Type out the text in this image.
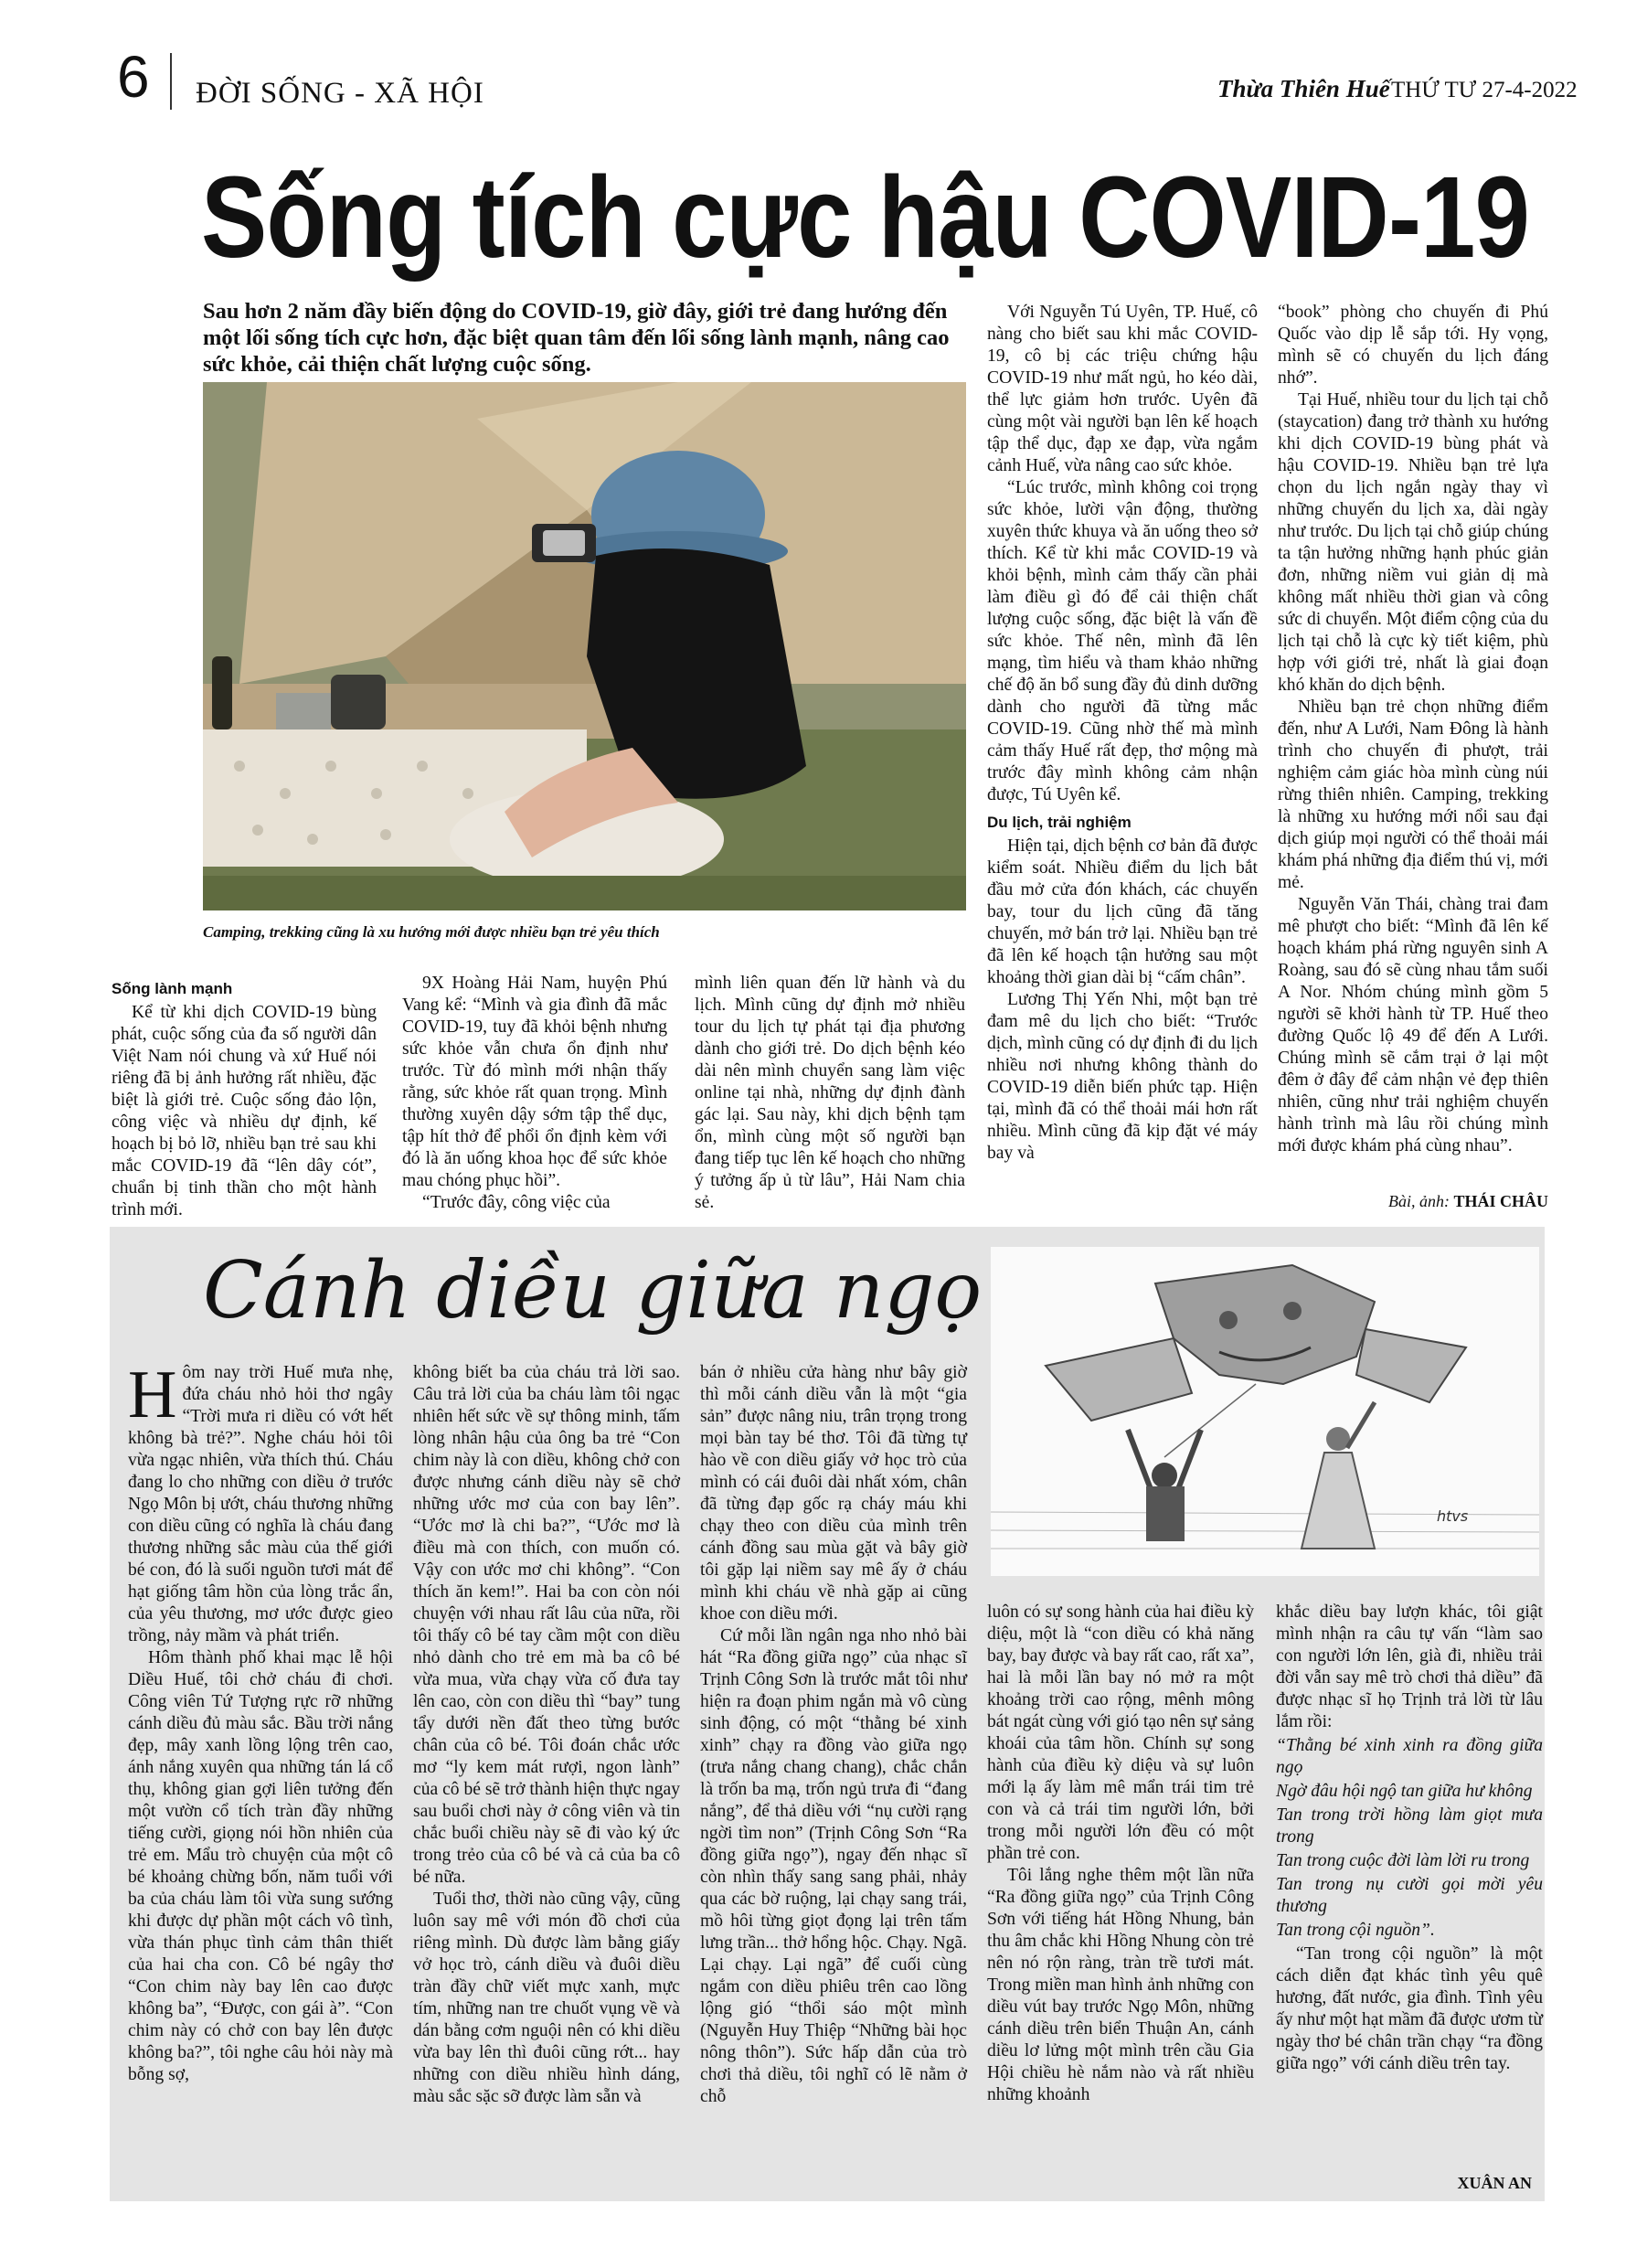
6 ĐỜI SỐNG - XÃ HỘI	Thừa Thiên Huế THỨ TƯ 27-4-2022
Sống tích cực hậu COVID-19
Sau hơn 2 năm đầy biến động do COVID-19, giờ đây, giới trẻ đang hướng đến một lối sống tích cực hơn, đặc biệt quan tâm đến lối sống lành mạnh, nâng cao sức khỏe, cải thiện chất lượng cuộc sống.
Camping, trekking cũng là xu hướng mới được nhiều bạn trẻ yêu thích

Sống lành mạnh

Kể từ khi dịch COVID-19 bùng phát, cuộc sống của đa số người dân Việt Nam nói chung và xứ Huế nói riêng đã bị ảnh hưởng rất nhiều, đặc biệt là giới trẻ. Cuộc sống đảo lộn, công việc và nhiều dự định, kế hoạch bị bỏ lỡ, nhiều bạn trẻ sau khi mắc COVID-19 đã “lên dây cót”, chuẩn bị tinh thần cho một hành trình mới.

9X Hoàng Hải Nam, huyện Phú Vang kể: “Mình và gia đình đã mắc COVID-19, tuy đã khỏi bệnh nhưng sức khỏe vẫn chưa ổn định như trước. Từ đó mình mới nhận thấy rằng, sức khỏe rất quan trọng. Mình thường xuyên dậy sớm tập thể dục, tập hít thở để phổi ổn định kèm với đó là ăn uống khoa học để sức khỏe mau chóng phục hồi”.

“Trước đây, công việc của

mình liên quan đến lữ hành và du lịch. Mình cũng dự định mở nhiều tour du lịch tự phát tại địa phương dành cho giới trẻ. Do dịch bệnh kéo dài nên mình chuyển sang làm việc online tại nhà, những dự định đành gác lại. Sau này, khi dịch bệnh tạm ổn, mình cùng một số người bạn đang tiếp tục lên kế hoạch cho những ý tưởng ấp ủ từ lâu”, Hải Nam chia sẻ.

Với Nguyễn Tú Uyên, TP. Huế, cô nàng cho biết sau khi mắc COVID-19, cô bị các triệu chứng hậu COVID-19 như mất ngủ, ho kéo dài, thể lực giảm hơn trước. Uyên đã cùng một vài người bạn lên kế hoạch tập thể dục, đạp xe đạp, vừa ngắm cảnh Huế, vừa nâng cao sức khỏe.

“Lúc trước, mình không coi trọng sức khỏe, lười vận động, thường xuyên thức khuya và ăn uống theo sở thích. Kể từ khi mắc COVID-19 và khỏi bệnh, mình cảm thấy cần phải làm điều gì đó để cải thiện chất lượng cuộc sống, đặc biệt là vấn đề sức khỏe. Thế nên, mình đã lên mạng, tìm hiểu và tham khảo những chế độ ăn bổ sung đầy đủ dinh dưỡng dành cho người đã từng mắc COVID-19. Cũng nhờ thế mà mình cảm thấy Huế rất đẹp, thơ mộng mà trước đây mình không cảm nhận được, Tú Uyên kể.

Du lịch, trải nghiệm

Hiện tại, dịch bệnh cơ bản đã được kiểm soát. Nhiều điểm du lịch bắt đầu mở cửa đón khách, các chuyến bay, tour du lịch cũng đã tăng chuyến, mở bán trở lại. Nhiều bạn trẻ đã lên kế hoạch tận hưởng sau một khoảng thời gian dài bị “cấm chân”.

Lương Thị Yến Nhi, một bạn trẻ đam mê du lịch cho biết: “Trước dịch, mình cũng có dự định đi du lịch nhiều nơi nhưng không thành do COVID-19 diễn biến phức tạp. Hiện tại, mình đã có thể thoải mái hơn rất nhiều. Mình cũng đã kịp đặt vé máy bay và

“book” phòng cho chuyến đi Phú Quốc vào dịp lễ sắp tới. Hy vọng, mình sẽ có chuyến du lịch đáng nhớ”.

Tại Huế, nhiều tour du lịch tại chỗ (staycation) đang trở thành xu hướng khi dịch COVID-19 bùng phát và hậu COVID-19. Nhiều bạn trẻ lựa chọn du lịch ngắn ngày thay vì những chuyến du lịch xa, dài ngày như trước. Du lịch tại chỗ giúp chúng ta tận hưởng những hạnh phúc giản đơn, những niềm vui giản dị mà không mất nhiều thời gian và công sức di chuyển. Một điểm cộng của du lịch tại chỗ là cực kỳ tiết kiệm, phù hợp với giới trẻ, nhất là giai đoạn khó khăn do dịch bệnh.

Nhiều bạn trẻ chọn những điểm đến, như A Lưới, Nam Đông là hành trình cho chuyến đi phượt, trải nghiệm cảm giác hòa mình cùng núi rừng thiên nhiên. Camping, trekking là những xu hướng mới nổi sau đại dịch giúp mọi người có thể thoải mái khám phá những địa điểm thú vị, mới mẻ.

Nguyễn Văn Thái, chàng trai đam mê phượt cho biết: “Mình đã lên kế hoạch khám phá rừng nguyên sinh A Roàng, sau đó sẽ cùng nhau tắm suối A Nor. Nhóm chúng mình gồm 5 người sẽ khởi hành từ TP. Huế theo đường Quốc lộ 49 để đến A Lưới. Chúng mình sẽ cắm trại ở lại một đêm ở đây để cảm nhận vẻ đẹp thiên nhiên, cũng như trải nghiệm chuyến hành trình mà lâu rồi chúng mình mới được khám phá cùng nhau”.

Bài, ảnh: THÁI CHÂU
Cánh diều giữa ngọ
htvs

Hôm nay trời Huế mưa nhẹ, đứa cháu nhỏ hỏi thơ ngây “Trời mưa ri diều có vớt hết không bà trẻ?”. Nghe cháu hỏi tôi vừa ngạc nhiên, vừa thích thú. Cháu đang lo cho những con diều ở trước Ngọ Môn bị ướt, cháu thương những con diều cũng có nghĩa là cháu đang thương những sắc màu của thế giới bé con, đó là suối nguồn tươi mát để hạt giống tâm hồn của lòng trắc ẩn, của yêu thương, mơ ước được gieo trồng, nảy mầm và phát triển.

Hôm thành phố khai mạc lễ hội Diều Huế, tôi chở cháu đi chơi. Công viên Tứ Tượng rực rỡ những cánh diều đủ màu sắc. Bầu trời nắng đẹp, mây xanh lồng lộng trên cao, ánh nắng xuyên qua những tán lá cổ thụ, không gian gợi liên tưởng đến một vườn cổ tích tràn đầy những tiếng cười, giọng nói hồn nhiên của trẻ em. Mẩu trò chuyện của một cô bé khoảng chừng bốn, năm tuổi với ba của cháu làm tôi vừa sung sướng khi được dự phần một cách vô tình, vừa thán phục tình cảm thân thiết của hai cha con. Cô bé ngây thơ “Con chim này bay lên cao được không ba”, “Được, con gái à”. “Con chim này có chở con bay lên được không ba?”, tôi nghe câu hỏi này mà bỗng sợ,

không biết ba của cháu trả lời sao. Câu trả lời của ba cháu làm tôi ngạc nhiên hết sức về sự thông minh, tấm lòng nhân hậu của ông ba trẻ “Con chim này là con diều, không chở con được nhưng cánh diều này sẽ chở những ước mơ của con bay lên”. “Ước mơ là chi ba?”, “Ước mơ là điều mà con thích, con muốn có. Vậy con ước mơ chi không”. “Con thích ăn kem!”. Hai ba con còn nói chuyện với nhau rất lâu của nữa, rồi tôi thấy cô bé tay cầm một con diều nhỏ dành cho trẻ em mà ba cô bé vừa mua, vừa chạy vừa cố đưa tay lên cao, còn con diều thì “bay” tung tẩy dưới nền đất theo từng bước chân của cô bé. Tôi đoán chắc ước mơ “ly kem mát rượi, ngon lành” của cô bé sẽ trở thành hiện thực ngay sau buổi chơi này ở công viên và tin chắc buổi chiều này sẽ đi vào ký ức trong trẻo của cô bé và cả của ba cô bé nữa.

Tuổi thơ, thời nào cũng vậy, cũng luôn say mê với món đồ chơi của riêng mình. Dù được làm bằng giấy vở học trò, cánh diều và đuôi diều tràn đầy chữ viết mực xanh, mực tím, những nan tre chuốt vụng về và dán bằng cơm nguội nên có khi diều vừa bay lên thì đuôi cũng rớt... hay những con diều nhiều hình dáng, màu sắc sặc sỡ được làm sẵn và

bán ở nhiều cửa hàng như bây giờ thì mỗi cánh diều vẫn là một “gia sản” được nâng niu, trân trọng trong mọi bàn tay bé thơ. Tôi đã từng tự hào về con diều giấy vở học trò của mình có cái đuôi dài nhất xóm, chân đã từng đạp gốc rạ cháy máu khi chạy theo con diều của mình trên cánh đồng sau mùa gặt và bây giờ tôi gặp lại niềm say mê ấy ở cháu mình khi cháu về nhà gặp ai cũng khoe con diều mới.

Cứ mỗi lần ngân nga nho nhỏ bài hát “Ra đồng giữa ngọ” của nhạc sĩ Trịnh Công Sơn là trước mắt tôi như hiện ra đoạn phim ngắn mà vô cùng sinh động, có một “thằng bé xinh xinh” chạy ra đồng vào giữa ngọ (trưa nắng chang chang), chắc chắn là trốn ba mạ, trốn ngủ trưa đi “đang nắng”, để thả diều với “nụ cười rạng ngời tìm non” (Trịnh Công Sơn “Ra đồng giữa ngọ”), ngay đến nhạc sĩ còn nhìn thấy sang sang phải, nhảy qua các bờ ruộng, lại chạy sang trái, mồ hôi từng giọt đọng lại trên tấm lưng trần... thở hổng hộc. Chạy. Ngã. Lại chạy. Lại ngã” để cuối cùng ngắm con diều phiêu trên cao lồng lộng gió “thổi sáo một mình (Nguyễn Huy Thiệp “Những bài học nông thôn”). Sức hấp dẫn của trò chơi thả diều, tôi nghĩ có lẽ nằm ở chỗ

luôn có sự song hành của hai điều kỳ diệu, một là “con diều có khả năng bay, bay được và bay rất cao, rất xa”, hai là mỗi lần bay nó mở ra một khoảng trời cao rộng, mênh mông bát ngát cùng với gió tạo nên sự sảng khoái của tâm hồn. Chính sự song hành của điều kỳ diệu và sự luôn mới lạ ấy làm mê mẩn trái tim trẻ con và cả trái tim người lớn, bởi trong mỗi người lớn đều có một phần trẻ con.

Tôi lắng nghe thêm một lần nữa “Ra đồng giữa ngọ” của Trịnh Công Sơn với tiếng hát Hồng Nhung, bản thu âm chắc khi Hồng Nhung còn trẻ nên nó rộn ràng, tràn trề tươi mát. Trong miền man hình ảnh những con diều vút bay trước Ngọ Môn, những cánh diều trên biển Thuận An, cánh diều lơ lửng một mình trên cầu Gia Hội chiều hè nắm nào và rất nhiều những khoảnh

khắc diều bay lượn khác, tôi giật mình nhận ra câu tự vấn “làm sao con người lớn lên, già đi, nhiều trải đời vẫn say mê trò chơi thả diều” đã được nhạc sĩ họ Trịnh trả lời từ lâu lắm rồi:

“Thằng bé xinh xinh ra đồng giữa ngọ

Ngờ đâu hội ngộ tan giữa hư không

Tan trong trời hồng làm giọt mưa trong

Tan trong cuộc đời làm lời ru trong

Tan trong nụ cười gọi mời yêu thương

Tan trong cội nguồn”.

“Tan trong cội nguồn” là một cách diễn đạt khác tình yêu quê hương, đất nước, gia đình. Tình yêu ấy như một hạt mầm đã được ươm từ ngày thơ bé chân trần chạy “ra đồng giữa ngọ” với cánh diều trên tay.

XUÂN AN
